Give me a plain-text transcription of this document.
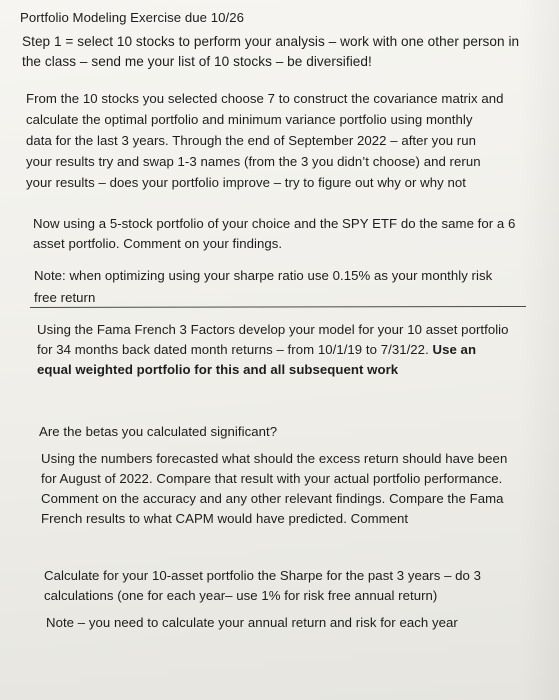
Portfolio Modeling Exercise due 10/26
Step 1 = select 10 stocks to perform your analysis – work with one other person in
the class – send me your list of 10 stocks – be diversified!
From the 10 stocks you selected choose 7 to construct the covariance matrix and
calculate the optimal portfolio and minimum variance portfolio using monthly
data for the last 3 years. Through the end of September 2022 – after you run
your results try and swap 1-3 names (from the 3 you didn’t choose) and rerun
your results – does your portfolio improve – try to figure out why or why not
Now using a 5-stock portfolio of your choice and the SPY ETF do the same for a 6
asset portfolio. Comment on your findings.
Note: when optimizing using your sharpe ratio use 0.15% as your monthly risk
free return
Using the Fama French 3 Factors develop your model for your 10 asset portfolio
for 34 months back dated month returns – from 10/1/19 to 7/31/22. Use an
equal weighted portfolio for this and all subsequent work
Are the betas you calculated significant?
Using the numbers forecasted what should the excess return should have been
for August of 2022. Compare that result with your actual portfolio performance.
Comment on the accuracy and any other relevant findings. Compare the Fama
French results to what CAPM would have predicted. Comment
Calculate for your 10-asset portfolio the Sharpe for the past 3 years – do 3
calculations (one for each year– use 1% for risk free annual return)
Note – you need to calculate your annual return and risk for each year
